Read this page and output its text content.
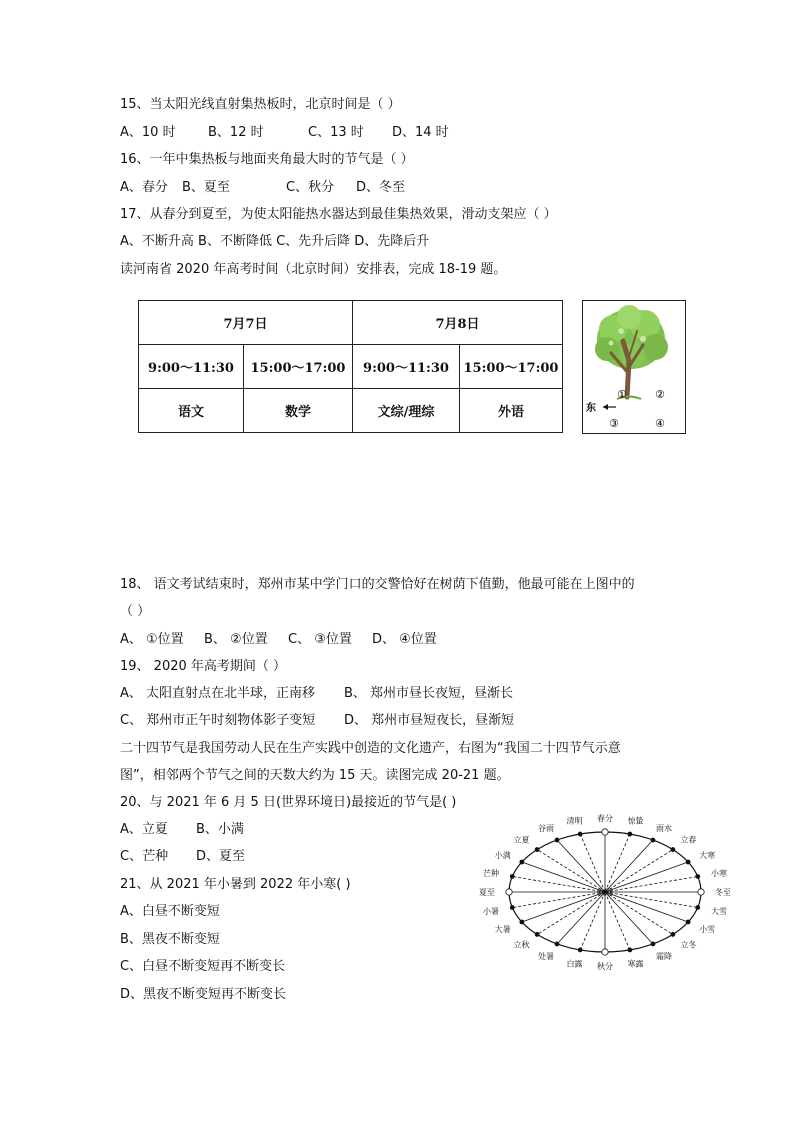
15、当太阳光线直射集热板时，北京时间是（ ）
A、10 时 B、12 时	C、13 时 D、14 时
16、一年中集热板与地面夹角最大时的节气是（ ）
A、春分 B、夏至	C、秋分 D、冬至
17、从春分到夏至，为使太阳能热水器达到最佳集热效果，滑动支架应（ ）
A、不断升高 B、不断降低 C、先升后降 D、先降后升
读河南省 2020 年高考时间（北京时间）安排表，完成 18-19 题。
7月7日		7月8日	
9:00～11:30	15:00～17:00	9:00～11:30	15:00～17:00
语文	数学	文综/理综	外语	东
①	②
③	④
18、 语文考试结束时，郑州市某中学门口的交警恰好在树荫下值勤，他最可能在上图中的
（ ）
A、 ①位置 B、 ②位置 C、 ③位置 D、 ④位置
19、 2020 年高考期间（ ）
A、 太阳直射点在北半球，正南移 B、 郑州市昼长夜短，昼渐长
C、 郑州市正午时刻物体影子变短 D、 郑州市昼短夜长，昼渐短
二十四节气是我国劳动人民在生产实践中创造的文化遗产，右图为“我国二十四节气示意
图”，相邻两个节气之间的天数大约为 15 天。读图完成 20-21 题。
20、与 2021 年 6 月 5 日(世界环境日)最接近的节气是( )
A、立夏 B、小满
C、芒种 D、夏至
21、从 2021 年小暑到 2022 年小寒( )
A、白昼不断变短
B、黑夜不断变短
C、白昼不断变短再不断变长
D、黑夜不断变短再不断变长
春分 惊蛰
雨水
立春
大寒
小寒
冬至
大雪
小雪
立冬
霜降
寒露
秋分
白露
处暑
立秋
大暑
小暑
夏至
芒种
小满
立夏
谷雨
清明
太阳
